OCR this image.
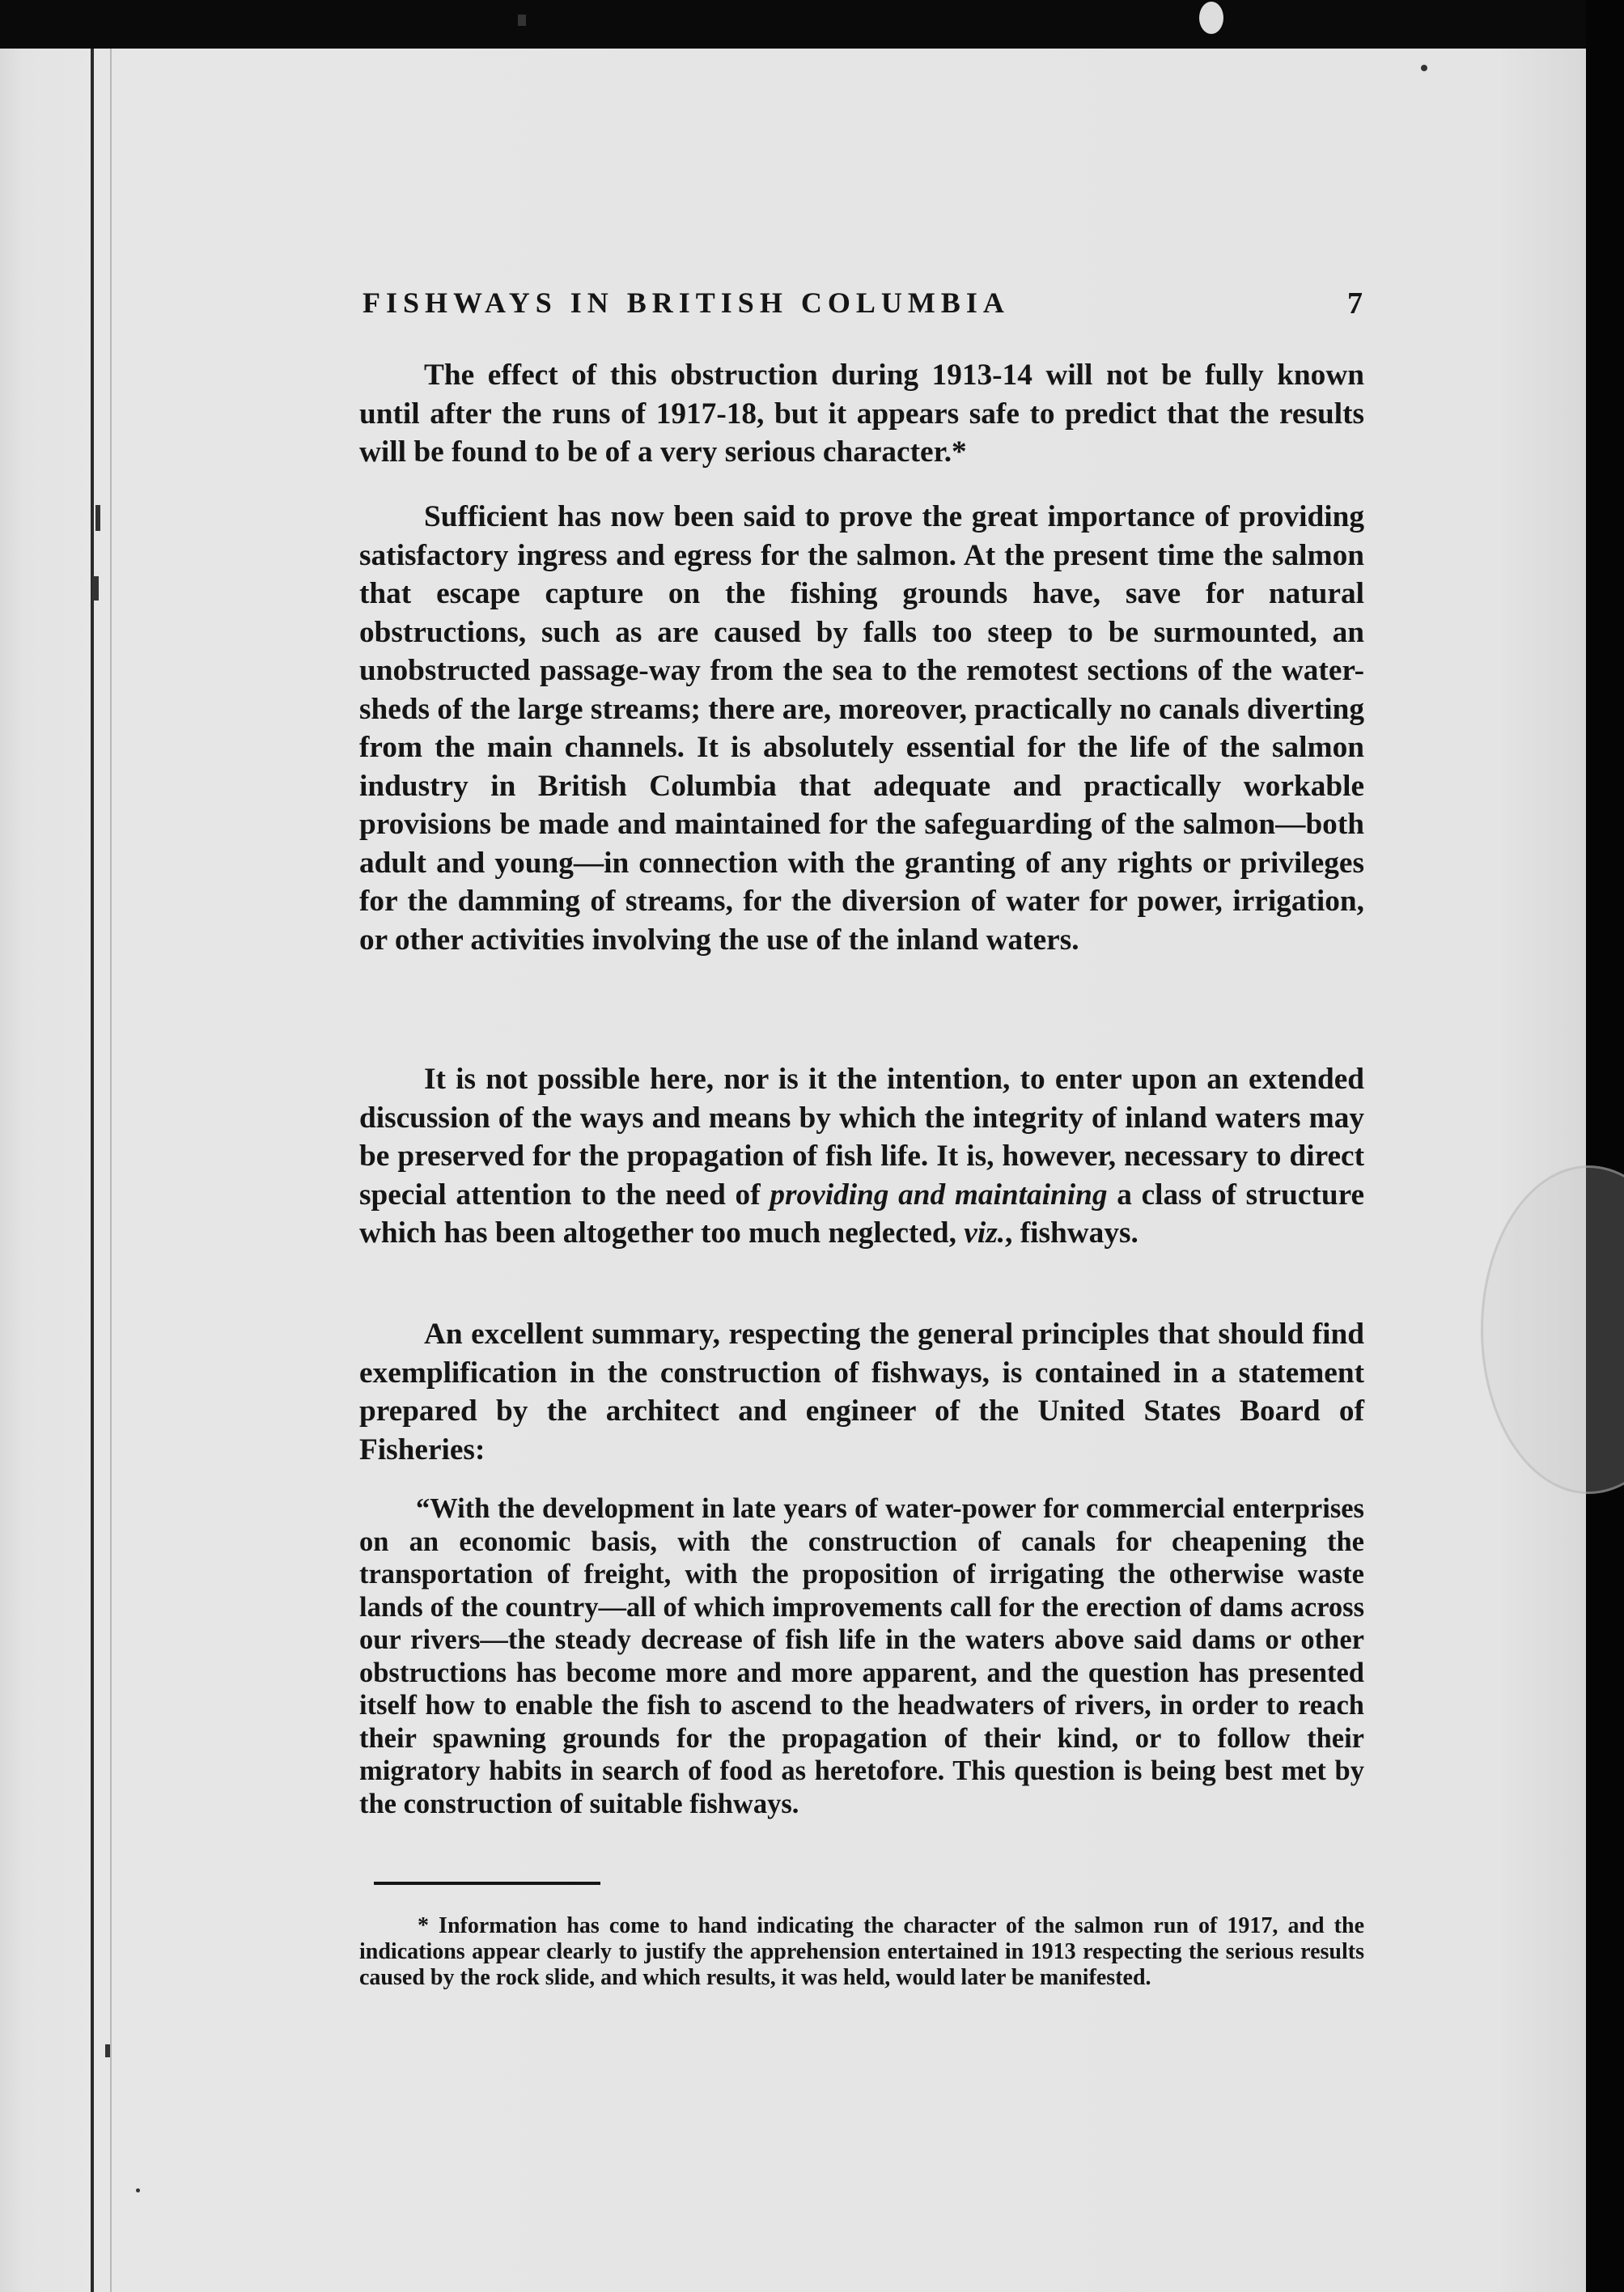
FISHWAYS IN BRITISH COLUMBIA	7

The effect of this obstruction during 1913-14 will not be fully known until after the runs of 1917-18, but it appears safe to predict that the results will be found to be of a very serious character.*

Sufficient has now been said to prove the great importance of providing satisfactory ingress and egress for the salmon. At the present time the salmon that escape capture on the fishing grounds have, save for natural obstructions, such as are caused by falls too steep to be surmounted, an unobstructed passage-way from the sea to the remotest sections of the water-sheds of the large streams; there are, moreover, practically no canals diverting from the main channels. It is absolutely essential for the life of the salmon industry in British Columbia that adequate and practically workable provisions be made and maintained for the safeguarding of the salmon—both adult and young—in connection with the granting of any rights or privileges for the damming of streams, for the diversion of water for power, irrigation, or other activities involving the use of the inland waters.

It is not possible here, nor is it the intention, to enter upon an extended discussion of the ways and means by which the integrity of inland waters may be preserved for the propagation of fish life. It is, however, necessary to direct special attention to the need of providing and maintaining a class of structure which has been altogether too much neglected, viz., fishways.

An excellent summary, respecting the general principles that should find exemplification in the construction of fishways, is contained in a statement prepared by the architect and engineer of the United States Board of Fisheries:

“With the development in late years of water-power for commercial enterprises on an economic basis, with the construction of canals for cheapening the transportation of freight, with the proposition of irrigating the otherwise waste lands of the country—all of which improvements call for the erection of dams across our rivers—the steady decrease of fish life in the waters above said dams or other obstructions has become more and more apparent, and the question has presented itself how to enable the fish to ascend to the headwaters of rivers, in order to reach their spawning grounds for the propagation of their kind, or to follow their migratory habits in search of food as heretofore. This question is being best met by the construction of suitable fishways.

* Information has come to hand indicating the character of the salmon run of 1917, and the indications appear clearly to justify the apprehension entertained in 1913 respecting the serious results caused by the rock slide, and which results, it was held, would later be manifested.
